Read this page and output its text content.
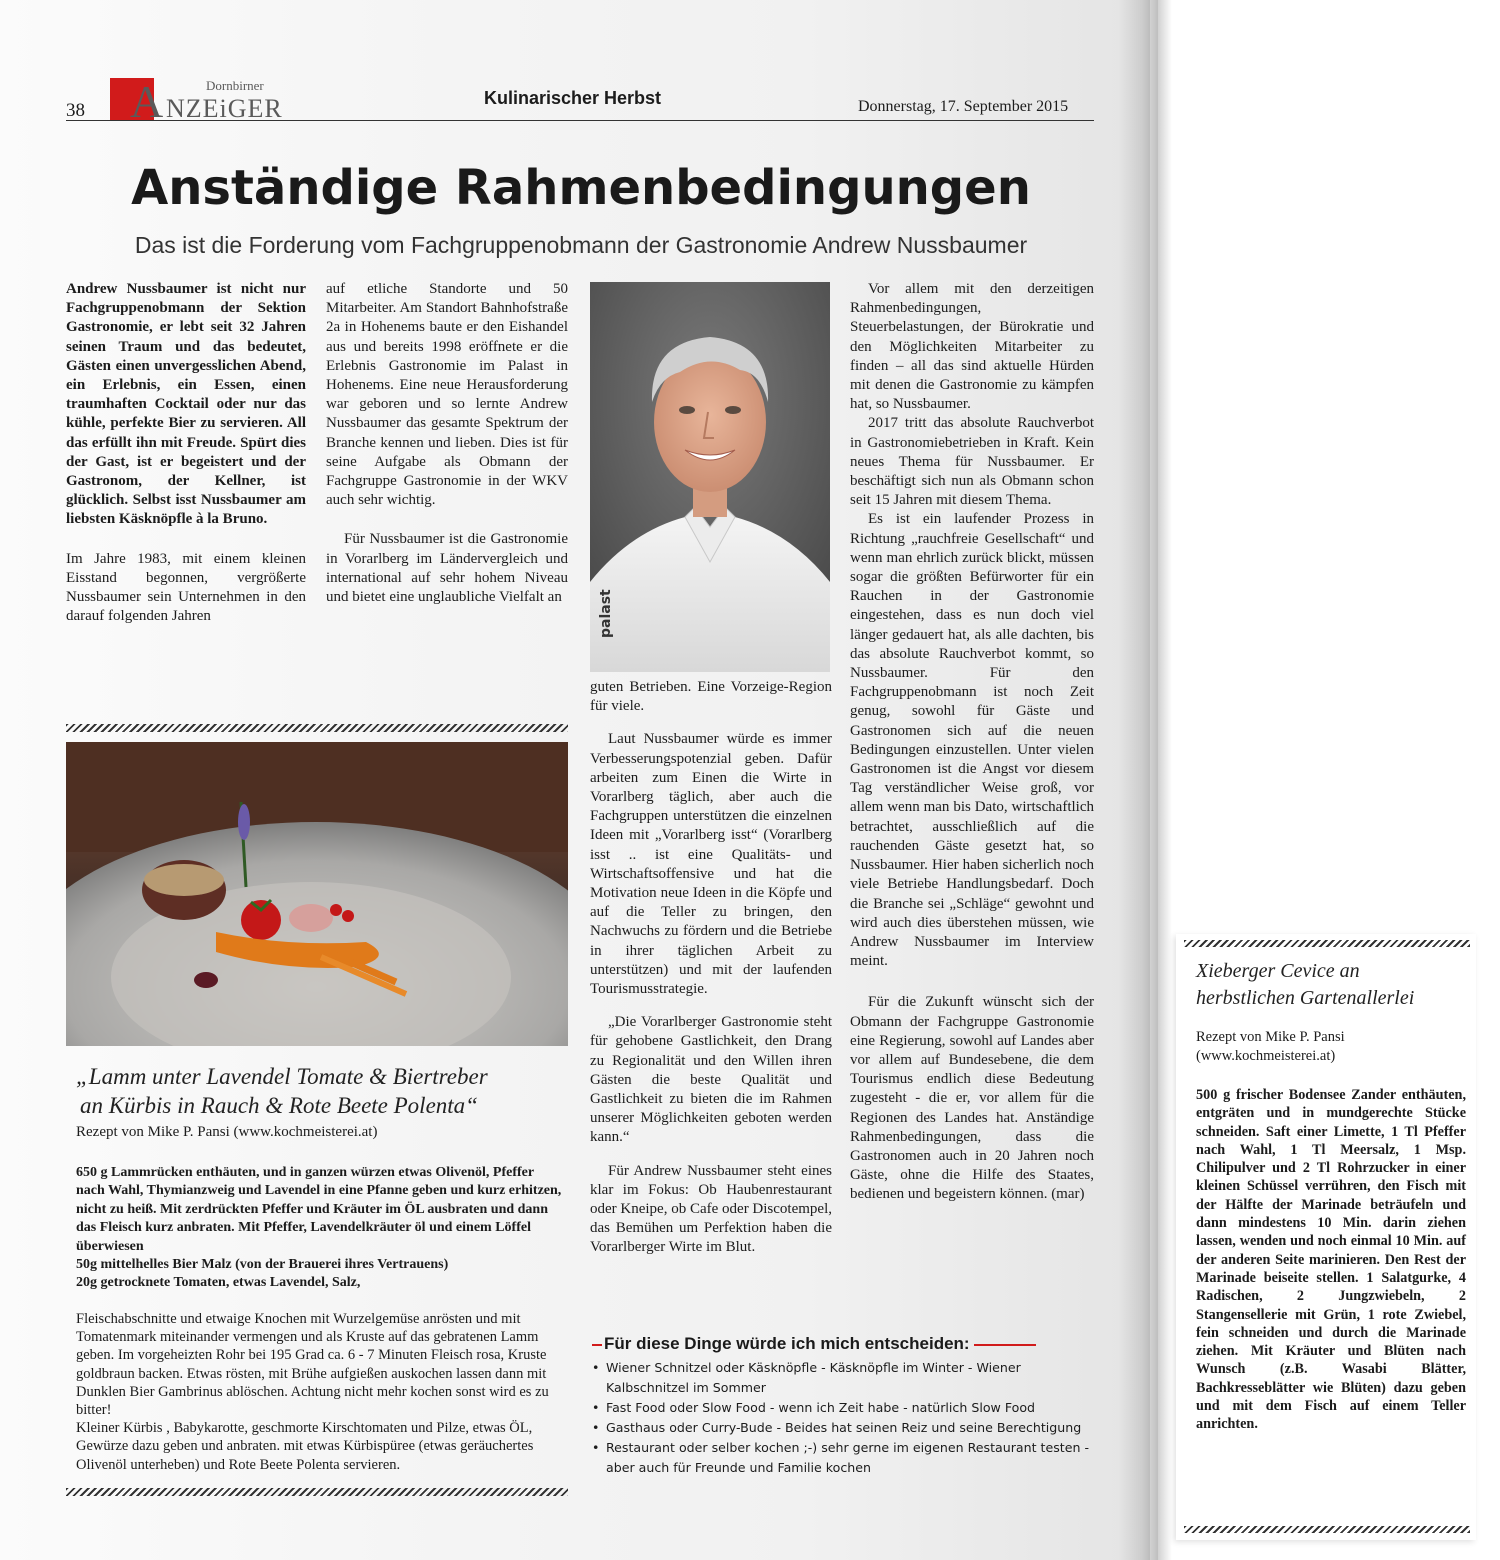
38 A	Dornbirner
NZEiGER	Kulinarischer Herbst	Donnerstag, 17. September 2015
Anständige Rahmenbedingungen
Das ist die Forderung vom Fachgruppenobmann der Gastronomie Andrew Nussbaumer

Andrew Nussbaumer ist nicht nur Fachgruppenobmann der Sektion Gastronomie, er lebt seit 32 Jahren seinen Traum und das bedeutet, Gästen einen unvergesslichen Abend, ein Erlebnis, ein Essen, einen traumhaften Cocktail oder nur das kühle, perfekte Bier zu servieren. All das erfüllt ihn mit Freude. Spürt dies der Gast, ist er begeistert und der Gastronom, der Kellner, ist glücklich. Selbst isst Nussbaumer am liebsten Käsknöpfle à la Bruno.

Im Jahre 1983, mit einem kleinen Eisstand begonnen, vergrößerte Nussbaumer sein Unternehmen in den darauf folgenden Jahren

auf etliche Standorte und 50 Mitarbeiter. Am Standort Bahnhofstraße 2a in Hohenems baute er den Eishandel aus und bereits 1998 eröffnete er die Erlebnis Gastronomie im Palast in Hohenems. Eine neue Herausforderung war geboren und so lernte Andrew Nussbaumer das gesamte Spektrum der Branche kennen und lieben. Dies ist für seine Aufgabe als Obmann der Fachgruppe Gastronomie in der WKV auch sehr wichtig.

Für Nussbaumer ist die Gastronomie in Vorarlberg im Ländervergleich und international auf sehr hohem Niveau und bietet eine unglaubliche Vielfalt an	palast

guten Betrieben. Eine Vorzeige-Region für viele.

Laut Nussbaumer würde es immer Verbesserungspotenzial geben. Dafür arbeiten zum Einen die Wirte in Vorarlberg täglich, aber auch die Fachgruppen unterstützen die einzelnen Ideen mit „Vorarlberg isst“ (Vorarlberg isst .. ist eine Qualitäts- und Wirtschaftsoffensive und hat die Motivation neue Ideen in die Köpfe und auf die Teller zu bringen, den Nachwuchs zu fördern und die Betriebe in ihrer täglichen Arbeit zu unterstützen) und mit der laufenden Tourismusstrategie.

„Die Vorarlberger Gastronomie steht für gehobene Gastlichkeit, den Drang zu Regionalität und den Willen ihren Gästen die beste Qualität und Gastlichkeit zu bieten die im Rahmen unserer Möglichkeiten geboten werden kann.“

Für Andrew Nussbaumer steht eines klar im Fokus: Ob Haubenrestaurant oder Kneipe, ob Cafe oder Discotempel, das Bemühen um Perfektion haben die Vorarlberger Wirte im Blut.

Vor allem mit den derzeitigen Rahmenbedingungen, Steuerbelastungen, der Bürokratie und den Möglichkeiten Mitarbeiter zu finden – all das sind aktuelle Hürden mit denen die Gastronomie zu kämpfen hat, so Nussbaumer.

2017 tritt das absolute Rauchverbot in Gastronomiebetrieben in Kraft. Kein neues Thema für Nussbaumer. Er beschäftigt sich nun als Obmann schon seit 15 Jahren mit diesem Thema.

Es ist ein laufender Prozess in Richtung „rauchfreie Gesellschaft“ und wenn man ehrlich zurück blickt, müssen sogar die größten Befürworter für ein Rauchen in der Gastronomie eingestehen, dass es nun doch viel länger gedauert hat, als alle dachten, bis das absolute Rauchverbot kommt, so Nussbaumer. Für den Fachgruppenobmann ist noch Zeit genug, sowohl für Gäste und Gastronomen sich auf die neuen Bedingungen einzustellen. Unter vielen Gastronomen ist die Angst vor diesem Tag verständlicher Weise groß, vor allem wenn man bis Dato, wirtschaftlich betrachtet, ausschließlich auf die rauchenden Gäste gesetzt hat, so Nussbaumer. Hier haben sicherlich noch viele Betriebe Handlungsbedarf. Doch die Branche sei „Schläge“ gewohnt und wird auch dies überstehen müssen, wie Andrew Nussbaumer im Interview meint.

Für die Zukunft wünscht sich der Obmann der Fachgruppe Gastronomie eine Regierung, sowohl auf Landes aber vor allem auf Bundesebene, die dem Tourismus endlich diese Bedeutung zugesteht - die er, vor allem für die Regionen des Landes hat. Anständige Rahmenbedingungen, dass die Gastronomen auch in 20 Jahren noch Gäste, ohne die Hilfe des Staates, bedienen und begeistern können. (mar)

„Lamm unter Lavendel Tomate & Biertreber
an Kürbis in Rauch & Rote Beete Polenta“
Rezept von Mike P. Pansi (www.kochmeisterei.at)
650 g Lammrücken enthäuten, und in ganzen würzen etwas Olivenöl, Pfeffer nach Wahl, Thymianzweig und Lavendel in eine Pfanne geben und kurz erhitzen, nicht zu heiß. Mit zerdrückten Pfeffer und Kräuter im ÖL ausbraten und dann das Fleisch kurz anbraten. Mit Pfeffer, Lavendelkräuter öl und einem Löffel überwiesen
50g mittelhelles Bier Malz (von der Brauerei ihres Vertrauens)
20g getrocknete Tomaten, etwas Lavendel, Salz,

Fleischabschnitte und etwaige Knochen mit Wurzelgemüse anrösten und mit Tomatenmark miteinander vermengen und als Kruste auf das gebratenen Lamm geben. Im vorgeheizten Rohr bei 195 Grad ca. 6 - 7 Minuten Fleisch rosa, Kruste goldbraun backen. Etwas rösten, mit Brühe aufgießen auskochen lassen dann mit Dunklen Bier Gambrinus ablöschen. Achtung nicht mehr kochen sonst wird es zu bitter!

Kleiner Kürbis , Babykarotte, geschmorte Kirschtomaten und Pilze, etwas ÖL, Gewürze dazu geben und anbraten. mit etwas Kürbispüree (etwas geräuchertes Olivenöl unterheben) und Rote Beete Polenta servieren.

Für diese Dinge würde ich mich entscheiden:
• Wiener Schnitzel oder Käsknöpfle - Käsknöpfle im Winter - Wiener Kalbschnitzel im Sommer
• Fast Food oder Slow Food - wenn ich Zeit habe - natürlich Slow Food
• Gasthaus oder Curry-Bude - Beides hat seinen Reiz und seine Berechtigung
• Restaurant oder selber kochen ;-) sehr gerne im eigenen Restaurant testen - aber auch für Freunde und Familie kochen
Xieberger Cevice an
herbstlichen Gartenallerlei
Rezept von Mike P. Pansi
(www.kochmeisterei.at)
500 g frischer Bodensee Zander enthäuten, entgräten und in mundgerechte Stücke schneiden. Saft einer Limette, 1 Tl Pfeffer nach Wahl, 1 Tl Meersalz, 1 Msp. Chilipulver und 2 Tl Rohrzucker in einer kleinen Schüssel verrühren, den Fisch mit der Hälfte der Marinade beträufeln und dann mindestens 10 Min. darin ziehen lassen, wenden und noch einmal 10 Min. auf der anderen Seite marinieren. Den Rest der Marinade beiseite stellen. 1 Salatgurke, 4 Radischen, 2 Jungzwiebeln, 2 Stangensellerie mit Grün, 1 rote Zwiebel, fein schneiden und durch die Marinade ziehen. Mit Kräuter und Blüten nach Wunsch (z.B. Wasabi Blätter, Bachkresseblätter wie Blüten) dazu geben und mit dem Fisch auf einem Teller anrichten.
